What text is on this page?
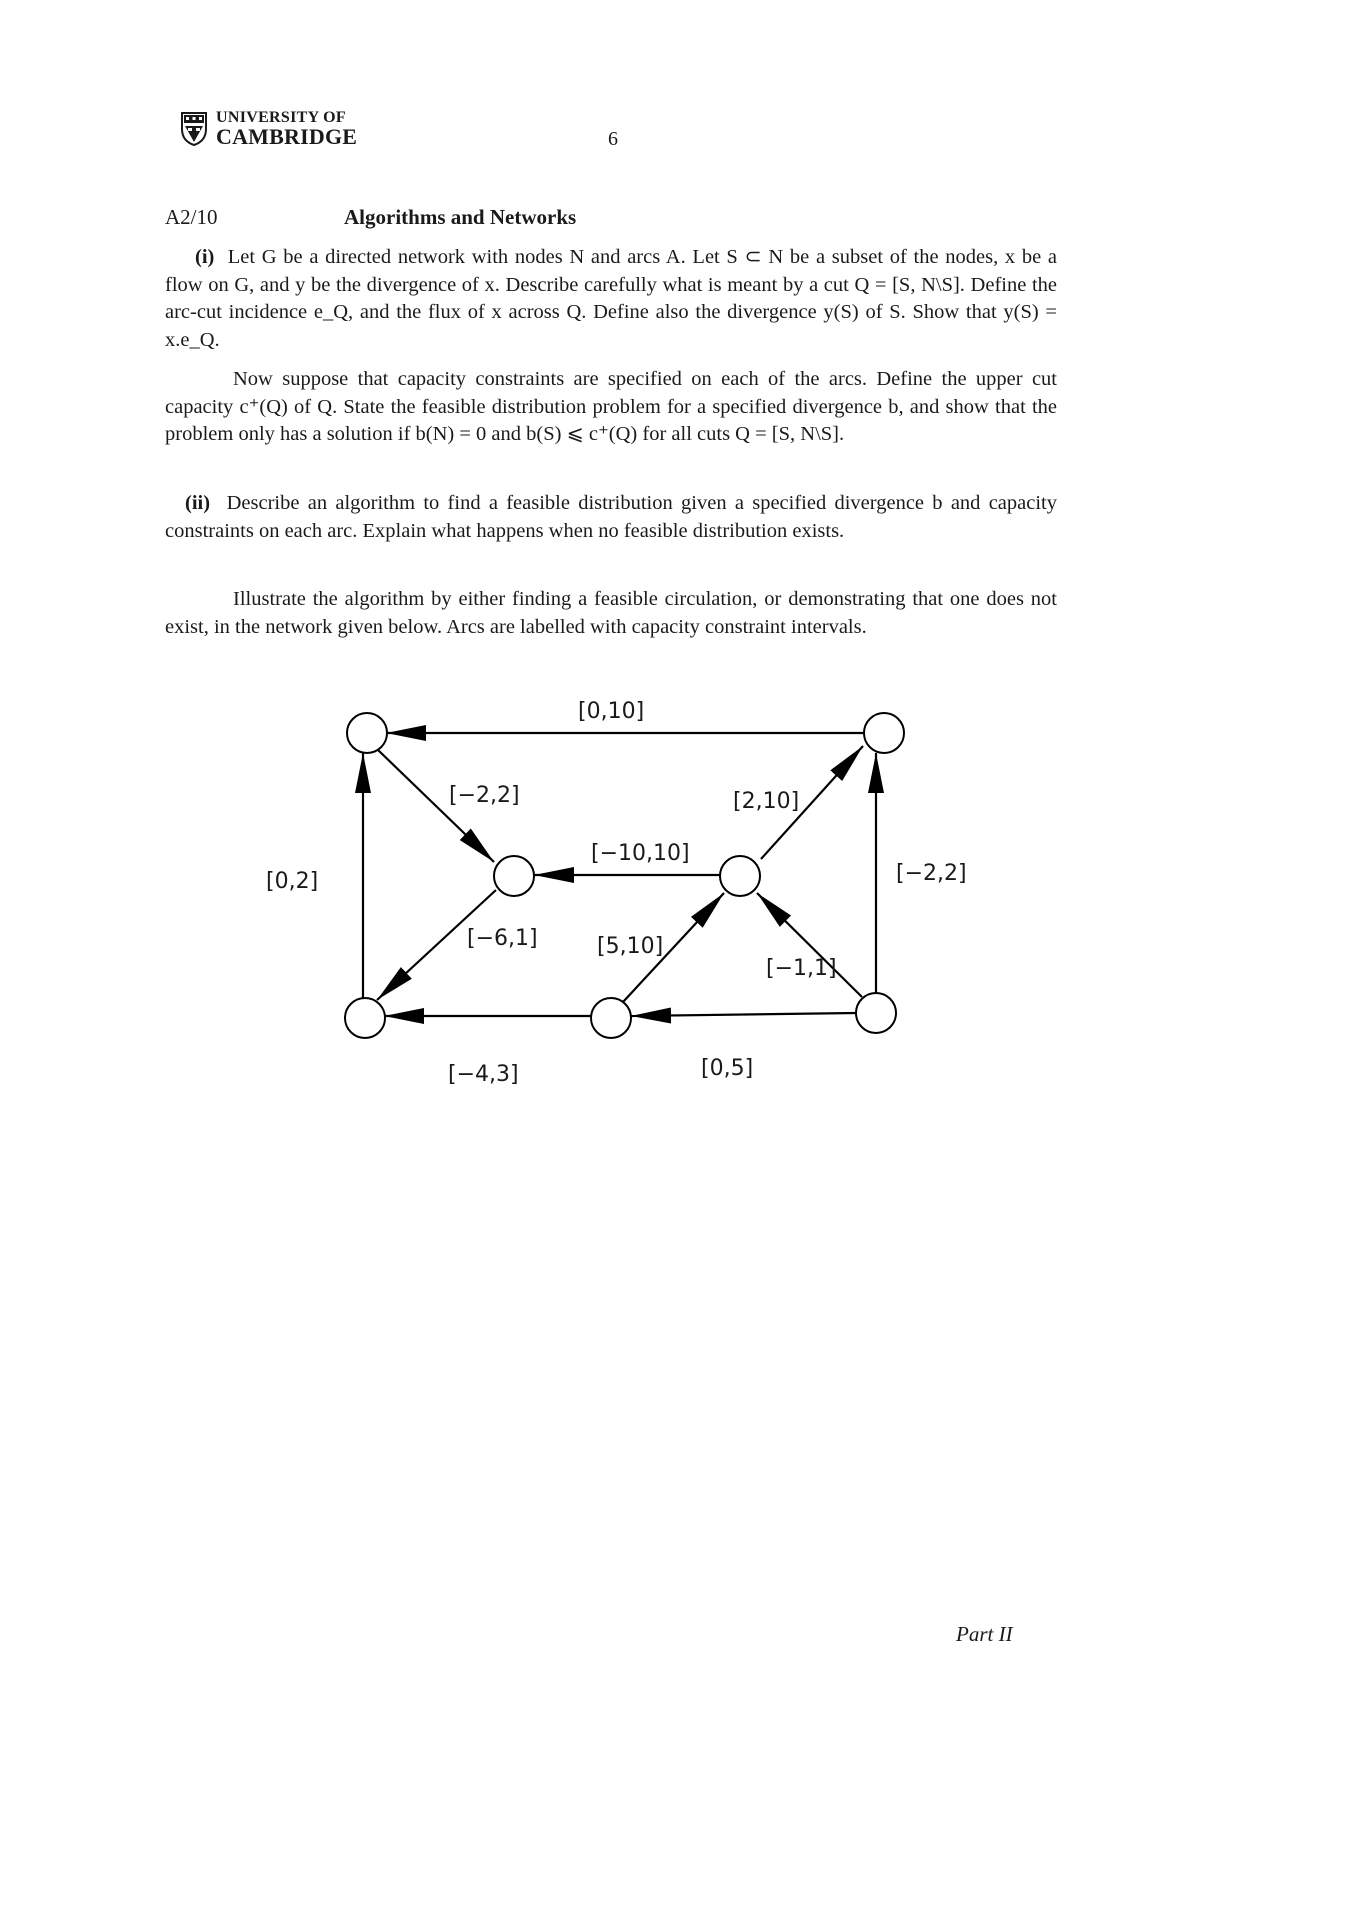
UNIVERSITY OF
CAMBRIDGE	6
A2/10	Algorithms and Networks
(i) Let G be a directed network with nodes N and arcs A. Let S ⊂ N be a subset of the nodes, x be a flow on G, and y be the divergence of x. Describe carefully what is meant by a cut Q = [S, N\S]. Define the arc-cut incidence e_Q, and the flux of x across Q. Define also the divergence y(S) of S. Show that y(S) = x.e_Q.
Now suppose that capacity constraints are specified on each of the arcs. Define the upper cut capacity c⁺(Q) of Q. State the feasible distribution problem for a specified divergence b, and show that the problem only has a solution if b(N) = 0 and b(S) ⩽ c⁺(Q) for all cuts Q = [S, N\S].
(ii) Describe an algorithm to find a feasible distribution given a specified divergence b and capacity constraints on each arc. Explain what happens when no feasible distribution exists.
Illustrate the algorithm by either finding a feasible circulation, or demonstrating that one does not exist, in the network given below. Arcs are labelled with capacity constraint intervals.
[0,10]
[−2,2]	[2,10]
[−10,10]
[0,2]	[−2,2]
[−6,1]	[5,10]
[−1,1]
[−4,3]	[0,5]
Part II
